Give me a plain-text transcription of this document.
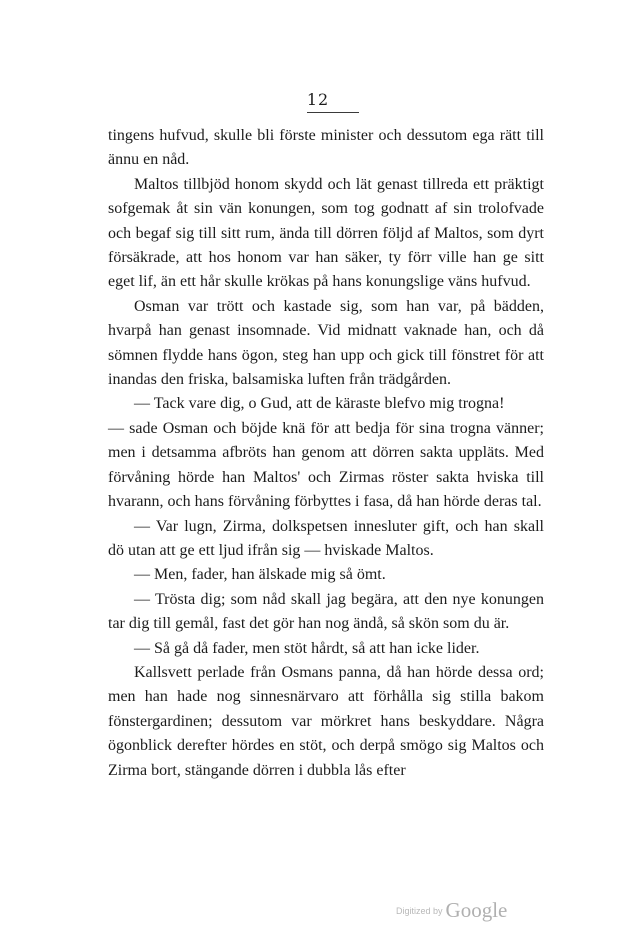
12

tingens hufvud, skulle bli förste minister och dessutom ega rätt till ännu en nåd.

Maltos tillbjöd honom skydd och lät genast tillreda ett präktigt sofgemak åt sin vän konungen, som tog godnatt af sin trolofvade och begaf sig till sitt rum, ända till dörren följd af Maltos, som dyrt försäkrade, att hos honom var han säker, ty förr ville han ge sitt eget lif, än ett hår skulle krökas på hans konungslige väns hufvud.

Osman var trött och kastade sig, som han var, på bädden, hvarpå han genast insomnade. Vid midnatt vaknade han, och då sömnen flydde hans ögon, steg han upp och gick till fönstret för att inandas den friska, balsamiska luften från trädgården.

— Tack vare dig, o Gud, att de käraste blefvo mig trogna!

— sade Osman och böjde knä för att bedja för sina trogna vänner; men i detsamma afbröts han genom att dörren sakta uppläts. Med förvåning hörde han Maltos' och Zirmas röster sakta hviska till hvarann, och hans förvåning förbyttes i fasa, då han hörde deras tal.

— Var lugn, Zirma, dolkspetsen innesluter gift, och han skall dö utan att ge ett ljud ifrån sig — hviskade Maltos.

— Men, fader, han älskade mig så ömt.

— Trösta dig; som nåd skall jag begära, att den nye konungen tar dig till gemål, fast det gör han nog ändå, så skön som du är.

— Så gå då fader, men stöt hårdt, så att han icke lider.

Kallsvett perlade från Osmans panna, då han hörde dessa ord; men han hade nog sinnesnärvaro att förhålla sig stilla bakom fönstergardinen; dessutom var mörkret hans beskyddare. Några ögonblick derefter hördes en stöt, och derpå smögo sig Maltos och Zirma bort, stängande dörren i dubbla lås efter

Digitized by Google
